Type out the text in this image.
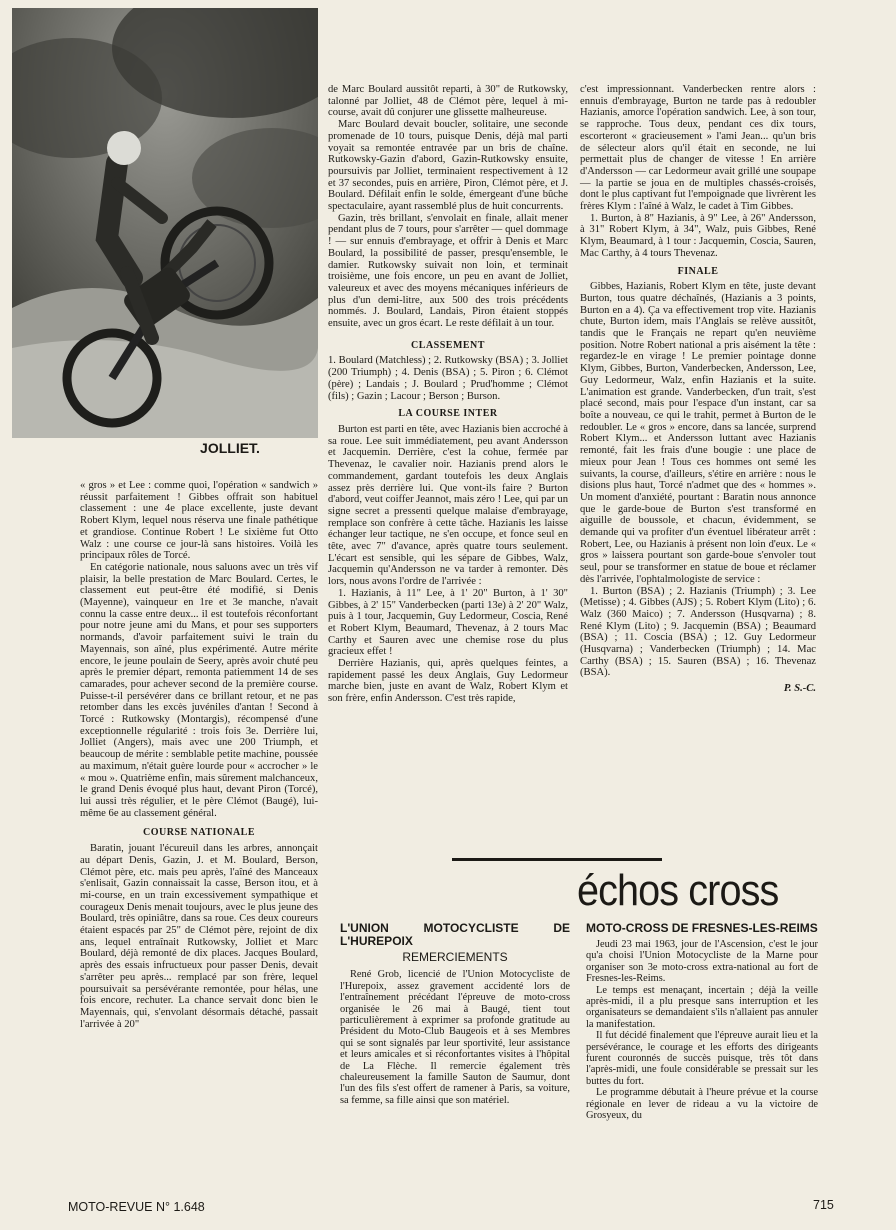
JOLLIET.

« gros » et Lee : comme quoi, l'opération « sandwich » réussit parfaitement ! Gibbes offrait son habituel classement : une 4e place excellente, juste devant Robert Klym, lequel nous réserva une finale pathétique et grandiose. Continue Robert ! Le sixième fut Otto Walz : une course ce jour-là sans histoires. Voilà les principaux rôles de Torcé.

En catégorie nationale, nous saluons avec un très vif plaisir, la belle prestation de Marc Boulard. Certes, le classement eut peut-être été modifié, si Denis (Mayenne), vainqueur en 1re et 3e manche, n'avait connu la casse entre deux... il est toutefois réconfortant pour notre jeune ami du Mans, et pour ses supporters normands, d'avoir parfaitement suivi le train du Mayennais, son aîné, plus expérimenté. Autre mérite encore, le jeune poulain de Seery, après avoir chuté peu après le premier départ, remonta patiemment 14 de ses camarades, pour achever second de la première course. Puisse-t-il persévérer dans ce brillant retour, et ne pas retomber dans les excès juvéniles d'antan ! Second à Torcé : Rutkowsky (Montargis), récompensé d'une exceptionnelle régularité : trois fois 3e. Derrière lui, Jolliet (Angers), mais avec une 200 Triumph, et beaucoup de mérite : semblable petite machine, poussée au maximum, n'était guère lourde pour « accrocher » le « mou ». Quatrième enfin, mais sûrement malchanceux, le grand Denis évoqué plus haut, devant Piron (Torcé), lui aussi très régulier, et le père Clémot (Baugé), lui-même 6e au classement général.

COURSE NATIONALE

Baratin, jouant l'écureuil dans les arbres, annonçait au départ Denis, Gazin, J. et M. Boulard, Berson, Clémot père, etc. mais peu après, l'aîné des Manceaux s'enlisait, Gazin connaissait la casse, Berson itou, et à mi-course, en un train excessivement sympathique et courageux Denis menait toujours, avec le plus jeune des Boulard, très opiniâtre, dans sa roue. Ces deux coureurs étaient espacés par 25" de Clémot père, rejoint de dix ans, lequel entraînait Rutkowsky, Jolliet et Marc Boulard, déjà remonté de dix places. Jacques Boulard, après des essais infructueux pour passer Denis, devait s'arrêter peu après... remplacé par son frère, lequel poursuivait sa persévérante remontée, pour hélas, une fois encore, rechuter. La chance servait donc bien le Mayennais, qui, s'envolant désormais détaché, passait l'arrivée à 20"

de Marc Boulard aussitôt reparti, à 30" de Rutkowsky, talonné par Jolliet, 48 de Clémot père, lequel à mi-course, avait dû conjurer une glissette malheureuse.

Marc Boulard devait boucler, solitaire, une seconde promenade de 10 tours, puisque Denis, déjà mal parti voyait sa remontée entravée par un bris de chaîne. Rutkowsky-Gazin d'abord, Gazin-Rutkowsky ensuite, poursuivis par Jolliet, terminaient respectivement à 12 et 37 secondes, puis en arrière, Piron, Clémot père, et J. Boulard. Défilait enfin le solde, émergeant d'une bûche spectaculaire, ayant rassemblé plus de huit concurrents.

Gazin, très brillant, s'envolait en finale, allait mener pendant plus de 7 tours, pour s'arrêter — quel dommage ! — sur ennuis d'embrayage, et offrir à Denis et Marc Boulard, la possibilité de passer, presqu'ensemble, le damier. Rutkowsky suivait non loin, et terminait troisième, une fois encore, un peu en avant de Jolliet, valeureux et avec des moyens mécaniques inférieurs de plus d'un demi-litre, aux 500 des trois précédents nommés. J. Boulard, Landais, Piron étaient stoppés ensuite, avec un gros écart. Le reste défilait à un tour.

CLASSEMENT

1. Boulard (Matchless) ; 2. Rutkowsky (BSA) ; 3. Jolliet (200 Triumph) ; 4. Denis (BSA) ; 5. Piron ; 6. Clémot (père) ; Landais ; J. Boulard ; Prud'homme ; Clémot (fils) ; Gazin ; Lacour ; Berson ; Burson.

LA COURSE INTER

Burton est parti en tête, avec Hazianis bien accroché à sa roue. Lee suit immédiatement, peu avant Andersson et Jacquemin. Derrière, c'est la cohue, fermée par Thevenaz, le cavalier noir. Hazianis prend alors le commandement, gardant toutefois les deux Anglais assez près derrière lui. Que vont-ils faire ? Burton d'abord, veut coiffer Jeannot, mais zéro ! Lee, qui par un signe secret a pressenti quelque malaise d'embrayage, remplace son confrère à cette tâche. Hazianis les laisse échanger leur tactique, ne s'en occupe, et fonce seul en tête, avec 7" d'avance, après quatre tours seulement. L'écart est sensible, qui les sépare de Gibbes, Walz, Jacquemin qu'Andersson ne va tarder à remonter. Dès lors, nous avons l'ordre de l'arrivée :

1. Hazianis, à 11" Lee, à 1' 20" Burton, à 1' 30" Gibbes, à 2' 15" Vanderbecken (parti 13e) à 2' 20" Walz, puis à 1 tour, Jacquemin, Guy Ledormeur, Coscia, René et Robert Klym, Beaumard, Thevenaz, à 2 tours Mac Carthy et Sauren avec une chemise rose du plus gracieux effet !

Derrière Hazianis, qui, après quelques feintes, a rapidement passé les deux Anglais, Guy Ledormeur marche bien, juste en avant de Walz, Robert Klym et son frère, enfin Andersson. C'est très rapide,

c'est impressionnant. Vanderbecken rentre alors : ennuis d'embrayage, Burton ne tarde pas à redoubler Hazianis, amorce l'opération sandwich. Lee, à son tour, se rapproche. Tous deux, pendant ces dix tours, escorteront « gracieusement » l'ami Jean... qu'un bris de sélecteur alors qu'il était en seconde, ne lui permettait plus de changer de vitesse ! En arrière d'Andersson — car Ledormeur avait grillé une soupape — la partie se joua en de multiples chassés-croisés, dont le plus captivant fut l'empoignade que livrèrent les frères Klym : l'aîné à Walz, le cadet à Tim Gibbes.

1. Burton, à 8" Hazianis, à 9" Lee, à 26" Andersson, à 31" Robert Klym, à 34", Walz, puis Gibbes, René Klym, Beaumard, à 1 tour : Jacquemin, Coscia, Sauren, Mac Carthy, à 4 tours Thevenaz.

FINALE

Gibbes, Hazianis, Robert Klym en tête, juste devant Burton, tous quatre déchaînés, (Hazianis a 3 points, Burton en a 4). Ça va effectivement trop vite. Hazianis chute, Burton idem, mais l'Anglais se relève aussitôt, tandis que le Français ne repart qu'en neuvième position. Notre Robert national a pris aisément la tête : regardez-le en virage ! Le premier pointage donne Klym, Gibbes, Burton, Vanderbecken, Andersson, Lee, Guy Ledormeur, Walz, enfin Hazianis et la suite. L'animation est grande. Vanderbecken, d'un trait, s'est placé second, mais pour l'espace d'un instant, car sa boîte a nouveau, ce qui le trahit, permet à Burton de le redoubler. Le « gros » encore, dans sa lancée, surprend Robert Klym... et Andersson luttant avec Hazianis remonté, fait les frais d'une bougie : une place de mieux pour Jean ! Tous ces hommes ont semé les suivants, la course, d'ailleurs, s'étire en arrière : nous le disions plus haut, Torcé n'admet que des « hommes ». Un moment d'anxiété, pourtant : Baratin nous annonce que le garde-boue de Burton s'est transformé en aiguille de boussole, et chacun, évidemment, se demande qui va profiter d'un éventuel libérateur arrêt : Robert, Lee, ou Hazianis à présent non loin d'eux. Le « gros » laissera pourtant son garde-boue s'envoler tout seul, pour se transformer en statue de boue et réclamer dès l'arrivée, l'ophtalmologiste de service :

1. Burton (BSA) ; 2. Hazianis (Triumph) ; 3. Lee (Metisse) ; 4. Gibbes (AJS) ; 5. Robert Klym (Lito) ; 6. Walz (360 Maico) ; 7. Andersson (Husqvarna) ; 8. René Klym (Lito) ; 9. Jacquemin (BSA) ; Beaumard (BSA) ; 11. Coscia (BSA) ; 12. Guy Ledormeur (Husqvarna) ; Vanderbecken (Triumph) ; 14. Mac Carthy (BSA) ; 15. Sauren (BSA) ; 16. Thevenaz (BSA).

P. S.-C.
échos cross
L'UNION MOTOCYCLISTE DE L'HUREPOIX
REMERCIEMENTS

René Grob, licencié de l'Union Motocycliste de l'Hurepoix, assez gravement accidenté lors de l'entraînement précédant l'épreuve de moto-cross organisée le 26 mai à Baugé, tient tout particulièrement à exprimer sa profonde gratitude au Président du Moto-Club Baugeois et à ses Membres qui se sont signalés par leur sportivité, leur assistance et leurs amicales et si réconfortantes visites à l'hôpital de La Flèche. Il remercie également très chaleureusement la famille Sauton de Saumur, dont l'un des fils s'est offert de ramener à Paris, sa voiture, sa femme, sa fille ainsi que son matériel.

MOTO-CROSS DE FRESNES-LES-REIMS

Jeudi 23 mai 1963, jour de l'Ascension, c'est le jour qu'a choisi l'Union Motocycliste de la Marne pour organiser son 3e moto-cross extra-national au fort de Fresnes-les-Reims.

Le temps est menaçant, incertain ; déjà la veille après-midi, il a plu presque sans interruption et les organisateurs se demandaient s'ils n'allaient pas annuler la manifestation.

Il fut décidé finalement que l'épreuve aurait lieu et la persévérance, le courage et les efforts des dirigeants furent couronnés de succès puisque, très tôt dans l'après-midi, une foule considérable se pressait sur les buttes du fort.

Le programme débutait à l'heure prévue et la course régionale en lever de rideau a vu la victoire de Grosyeux, du

MOTO-REVUE N° 1.648	715
